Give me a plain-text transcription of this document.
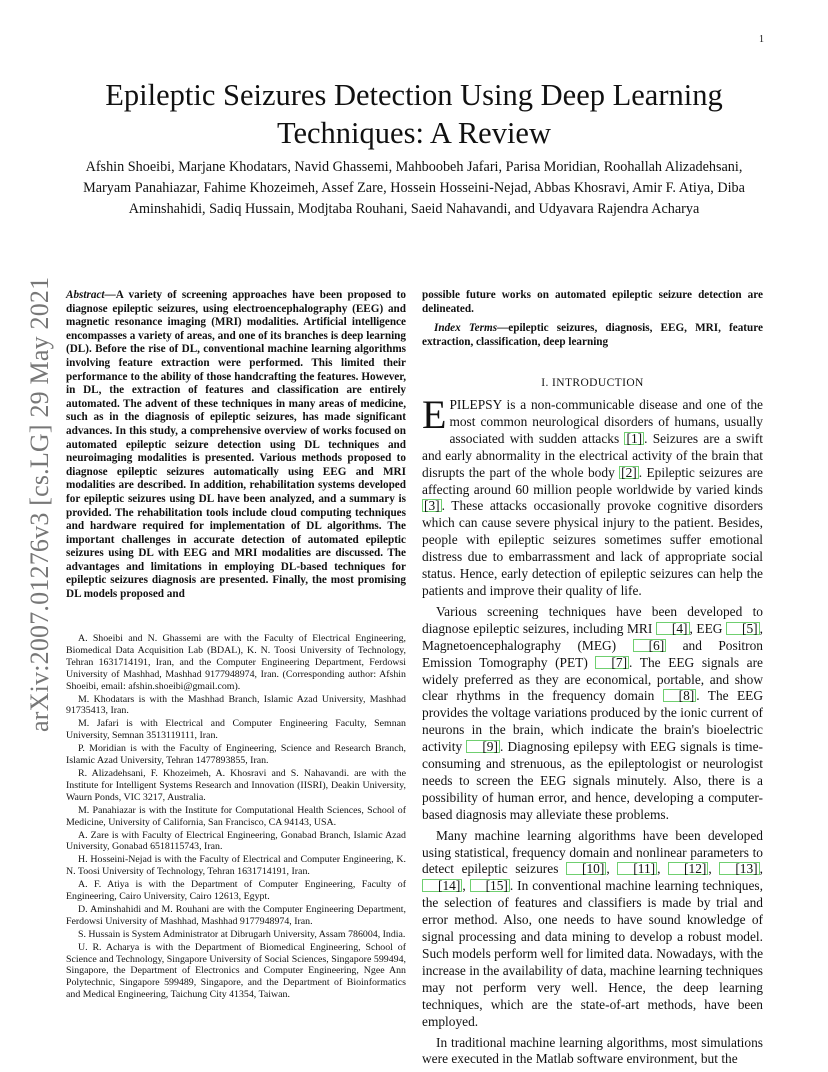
1
arXiv:2007.01276v3 [cs.LG] 29 May 2021
Epileptic Seizures Detection Using Deep Learning Techniques: A Review
Afshin Shoeibi, Marjane Khodatars, Navid Ghassemi, Mahboobeh Jafari, Parisa Moridian, Roohallah Alizadehsani, Maryam Panahiazar, Fahime Khozeimeh, Assef Zare, Hossein Hosseini-Nejad, Abbas Khosravi, Amir F. Atiya, Diba Aminshahidi, Sadiq Hussain, Modjtaba Rouhani, Saeid Nahavandi, and Udyavara Rajendra Acharya
Abstract—A variety of screening approaches have been proposed to diagnose epileptic seizures, using electroencephalography (EEG) and magnetic resonance imaging (MRI) modalities. Artificial intelligence encompasses a variety of areas, and one of its branches is deep learning (DL). Before the rise of DL, conventional machine learning algorithms involving feature extraction were performed. This limited their performance to the ability of those handcrafting the features. However, in DL, the extraction of features and classification are entirely automated. The advent of these techniques in many areas of medicine, such as in the diagnosis of epileptic seizures, has made significant advances. In this study, a comprehensive overview of works focused on automated epileptic seizure detection using DL techniques and neuroimaging modalities is presented. Various methods proposed to diagnose epileptic seizures automatically using EEG and MRI modalities are described. In addition, rehabilitation systems developed for epileptic seizures using DL have been analyzed, and a summary is provided. The rehabilitation tools include cloud computing techniques and hardware required for implementation of DL algorithms. The important challenges in accurate detection of automated epileptic seizures using DL with EEG and MRI modalities are discussed. The advantages and limitations in employing DL-based techniques for epileptic seizures diagnosis are presented. Finally, the most promising DL models proposed and

A. Shoeibi and N. Ghassemi are with the Faculty of Electrical Engineering, Biomedical Data Acquisition Lab (BDAL), K. N. Toosi University of Technology, Tehran 1631714191, Iran, and the Computer Engineering Department, Ferdowsi University of Mashhad, Mashhad 9177948974, Iran. (Corresponding author: Afshin Shoeibi, email: afshin.shoeibi@gmail.com).

M. Khodatars is with the Mashhad Branch, Islamic Azad University, Mashhad 91735413, Iran.

M. Jafari is with Electrical and Computer Engineering Faculty, Semnan University, Semnan 3513119111, Iran.

P. Moridian is with the Faculty of Engineering, Science and Research Branch, Islamic Azad University, Tehran 1477893855, Iran.

R. Alizadehsani, F. Khozeimeh, A. Khosravi and S. Nahavandi. are with the Institute for Intelligent Systems Research and Innovation (IISRI), Deakin University, Waurn Ponds, VIC 3217, Australia.

M. Panahiazar is with the Institute for Computational Health Sciences, School of Medicine, University of California, San Francisco, CA 94143, USA.

A. Zare is with Faculty of Electrical Engineering, Gonabad Branch, Islamic Azad University, Gonabad 6518115743, Iran.

H. Hosseini-Nejad is with the Faculty of Electrical and Computer Engineering, K. N. Toosi University of Technology, Tehran 1631714191, Iran.

A. F. Atiya is with the Department of Computer Engineering, Faculty of Engineering, Cairo University, Cairo 12613, Egypt.

D. Aminshahidi and M. Rouhani are with the Computer Engineering Department, Ferdowsi University of Mashhad, Mashhad 9177948974, Iran.

S. Hussain is System Administrator at Dibrugarh University, Assam 786004, India.

U. R. Acharya is with the Department of Biomedical Engineering, School of Science and Technology, Singapore University of Social Sciences, Singapore 599494, Singapore, the Department of Electronics and Computer Engineering, Ngee Ann Polytechnic, Singapore 599489, Singapore, and the Department of Bioinformatics and Medical Engineering, Taichung City 41354, Taiwan.

possible future works on automated epileptic seizure detection are delineated.
Index Terms—epileptic seizures, diagnosis, EEG, MRI, feature extraction, classification, deep learning
I. INTRODUCTION

EPILEPSY is a non-communicable disease and one of the most common neurological disorders of humans, usually associated with sudden attacks [1] . Seizures are a swift and early abnormality in the electrical activity of the brain that disrupts the part of the whole body [2] . Epileptic seizures are affecting around 60 million people worldwide by varied kinds [3] . These attacks occasionally provoke cognitive disorders which can cause severe physical injury to the patient. Besides, people with epileptic seizures sometimes suffer emotional distress due to embarrassment and lack of appropriate social status. Hence, early detection of epileptic seizures can help the patients and improve their quality of life.

Various screening techniques have been developed to diagnose epileptic seizures, including MRI [4] , EEG [5] , Magnetoencephalography (MEG) [6] and Positron Emission Tomography (PET) [7] . The EEG signals are widely preferred as they are economical, portable, and show clear rhythms in the frequency domain [8] . The EEG provides the voltage variations produced by the ionic current of neurons in the brain, which indicate the brain's bioelectric activity [9] . Diagnosing epilepsy with EEG signals is time-consuming and strenuous, as the epileptologist or neurologist needs to screen the EEG signals minutely. Also, there is a possibility of human error, and hence, developing a computer-based diagnosis may alleviate these problems.

Many machine learning algorithms have been developed using statistical, frequency domain and nonlinear parameters to detect epileptic seizures [10] , [11] , [12] , [13] , [14] , [15] . In conventional machine learning techniques, the selection of features and classifiers is made by trial and error method. Also, one needs to have sound knowledge of signal processing and data mining to develop a robust model. Such models perform well for limited data. Nowadays, with the increase in the availability of data, machine learning techniques may not perform very well. Hence, the deep learning techniques, which are the state-of-art methods, have been employed.

In traditional machine learning algorithms, most simulations were executed in the Matlab software environment, but the
